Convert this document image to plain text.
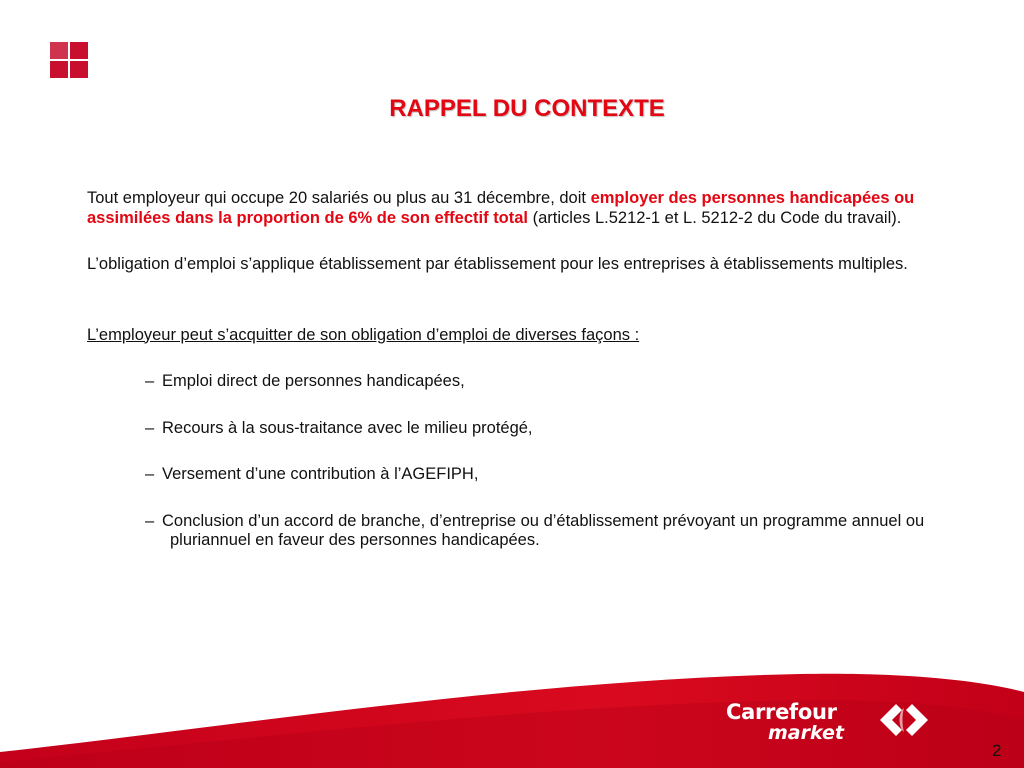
RAPPEL DU CONTEXTE

Tout employeur qui occupe 20 salariés ou plus au 31 décembre, doit employer des personnes handicapées ou assimilées dans la proportion de 6% de son effectif total (articles L.5212-1 et L. 5212-2 du Code du travail).

L’obligation d’emploi s’applique établissement par établissement pour les entreprises à établissements multiples.

L’employeur peut s’acquitter de son obligation d’emploi de diverses façons :

– Emploi direct de personnes handicapées,
– Recours à la sous-traitance avec le milieu protégé,
– Versement d’une contribution à l’AGEFIPH,
– Conclusion d’un accord de branche, d’entreprise ou d’établissement prévoyant un programme annuel ou pluriannuel en faveur des personnes handicapées.
Carrefour
market
2
